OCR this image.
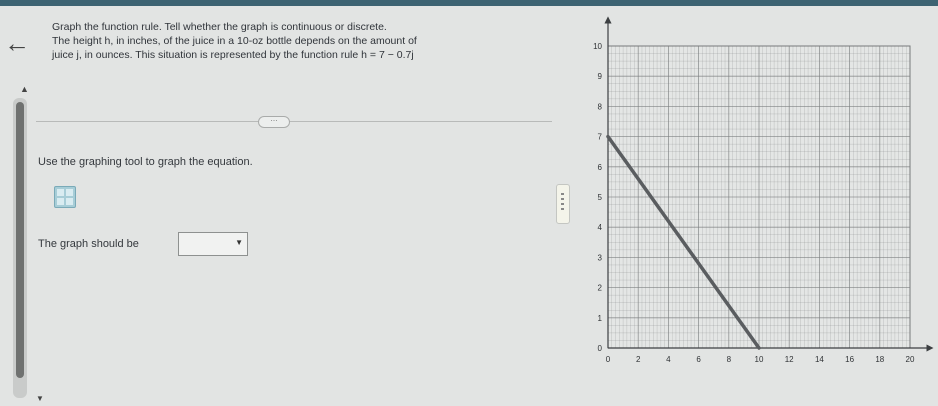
←
Graph the function rule. Tell whether the graph is continuous or discrete.
The height h, in inches, of the juice in a 10-oz bottle depends on the amount of
juice j, in ounces. This situation is represented by the function rule h = 7 − 0.7j
▲
⋯
Use the graphing tool to graph the equation.
The graph should be	▼
0	2	4	6	8	10	12	14	16	18	20
0
1
2
3
4
5
6
7
8
9
10
▼
